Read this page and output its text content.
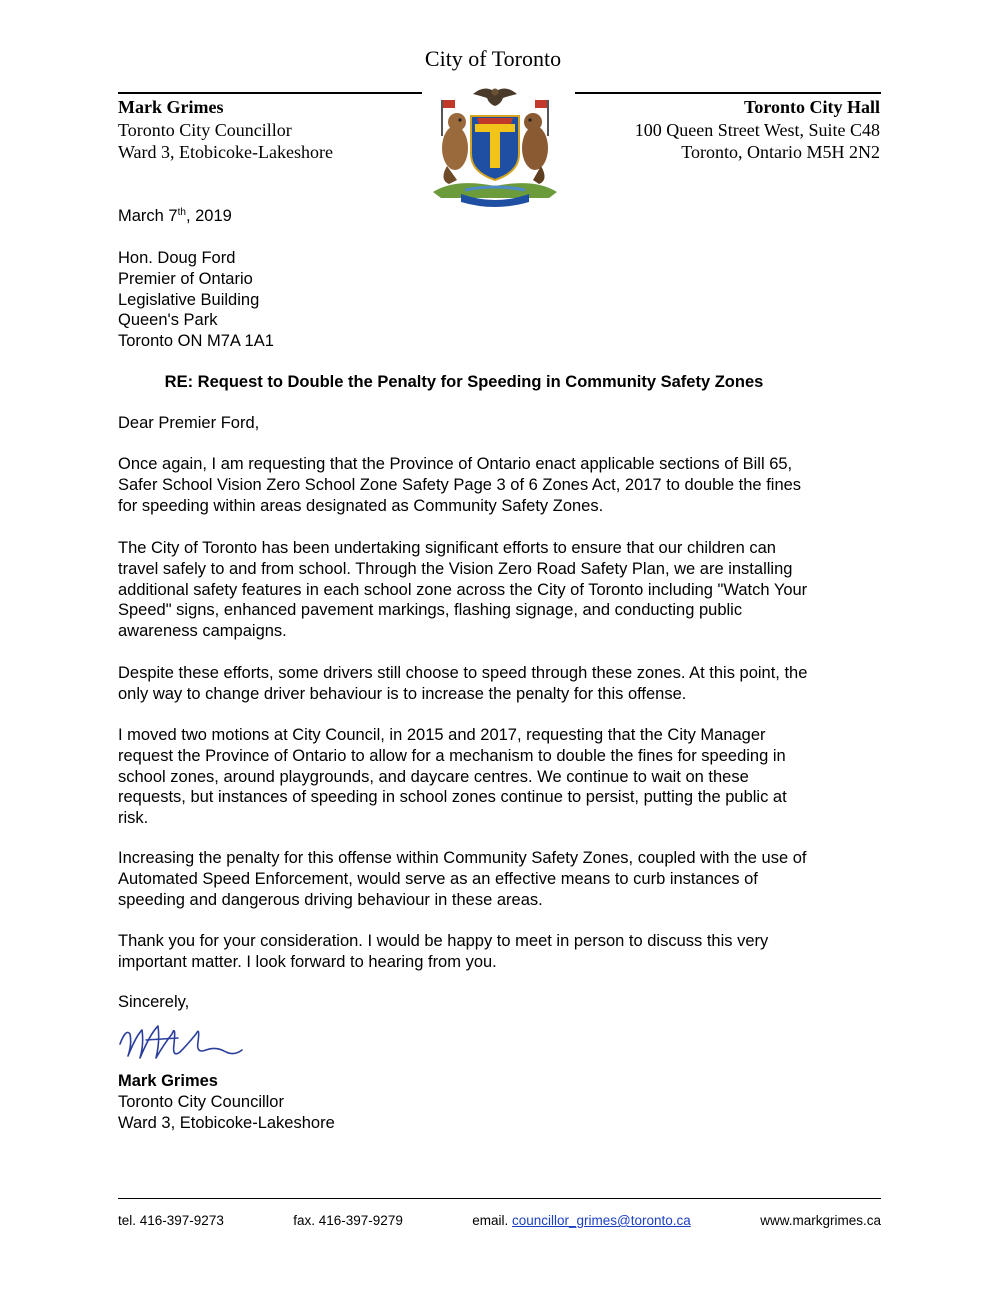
City of Toronto
Mark Grimes
Toronto City Councillor
Ward 3, Etobicoke-Lakeshore
Toronto City Hall
100 Queen Street West, Suite C48
Toronto, Ontario M5H 2N2
March 7th, 2019
Hon. Doug Ford
Premier of Ontario
Legislative Building
Queen's Park
Toronto ON M7A 1A1
RE: Request to Double the Penalty for Speeding in Community Safety Zones
Dear Premier Ford,
Once again, I am requesting that the Province of Ontario enact applicable sections of Bill 65,
Safer School Vision Zero School Zone Safety Page 3 of 6 Zones Act, 2017 to double the fines
for speeding within areas designated as Community Safety Zones.
The City of Toronto has been undertaking significant efforts to ensure that our children can
travel safely to and from school. Through the Vision Zero Road Safety Plan, we are installing
additional safety features in each school zone across the City of Toronto including "Watch Your
Speed" signs, enhanced pavement markings, flashing signage, and conducting public
awareness campaigns.
Despite these efforts, some drivers still choose to speed through these zones. At this point, the
only way to change driver behaviour is to increase the penalty for this offense.
I moved two motions at City Council, in 2015 and 2017, requesting that the City Manager
request the Province of Ontario to allow for a mechanism to double the fines for speeding in
school zones, around playgrounds, and daycare centres. We continue to wait on these
requests, but instances of speeding in school zones continue to persist, putting the public at
risk.
Increasing the penalty for this offense within Community Safety Zones, coupled with the use of
Automated Speed Enforcement, would serve as an effective means to curb instances of
speeding and dangerous driving behaviour in these areas.
Thank you for your consideration. I would be happy to meet in person to discuss this very
important matter. I look forward to hearing from you.
Sincerely,
Mark Grimes
Toronto City Councillor
Ward 3, Etobicoke-Lakeshore
tel. 416-397-9273	fax. 416-397-9279	email. councillor_grimes@toronto.ca	www.markgrimes.ca
